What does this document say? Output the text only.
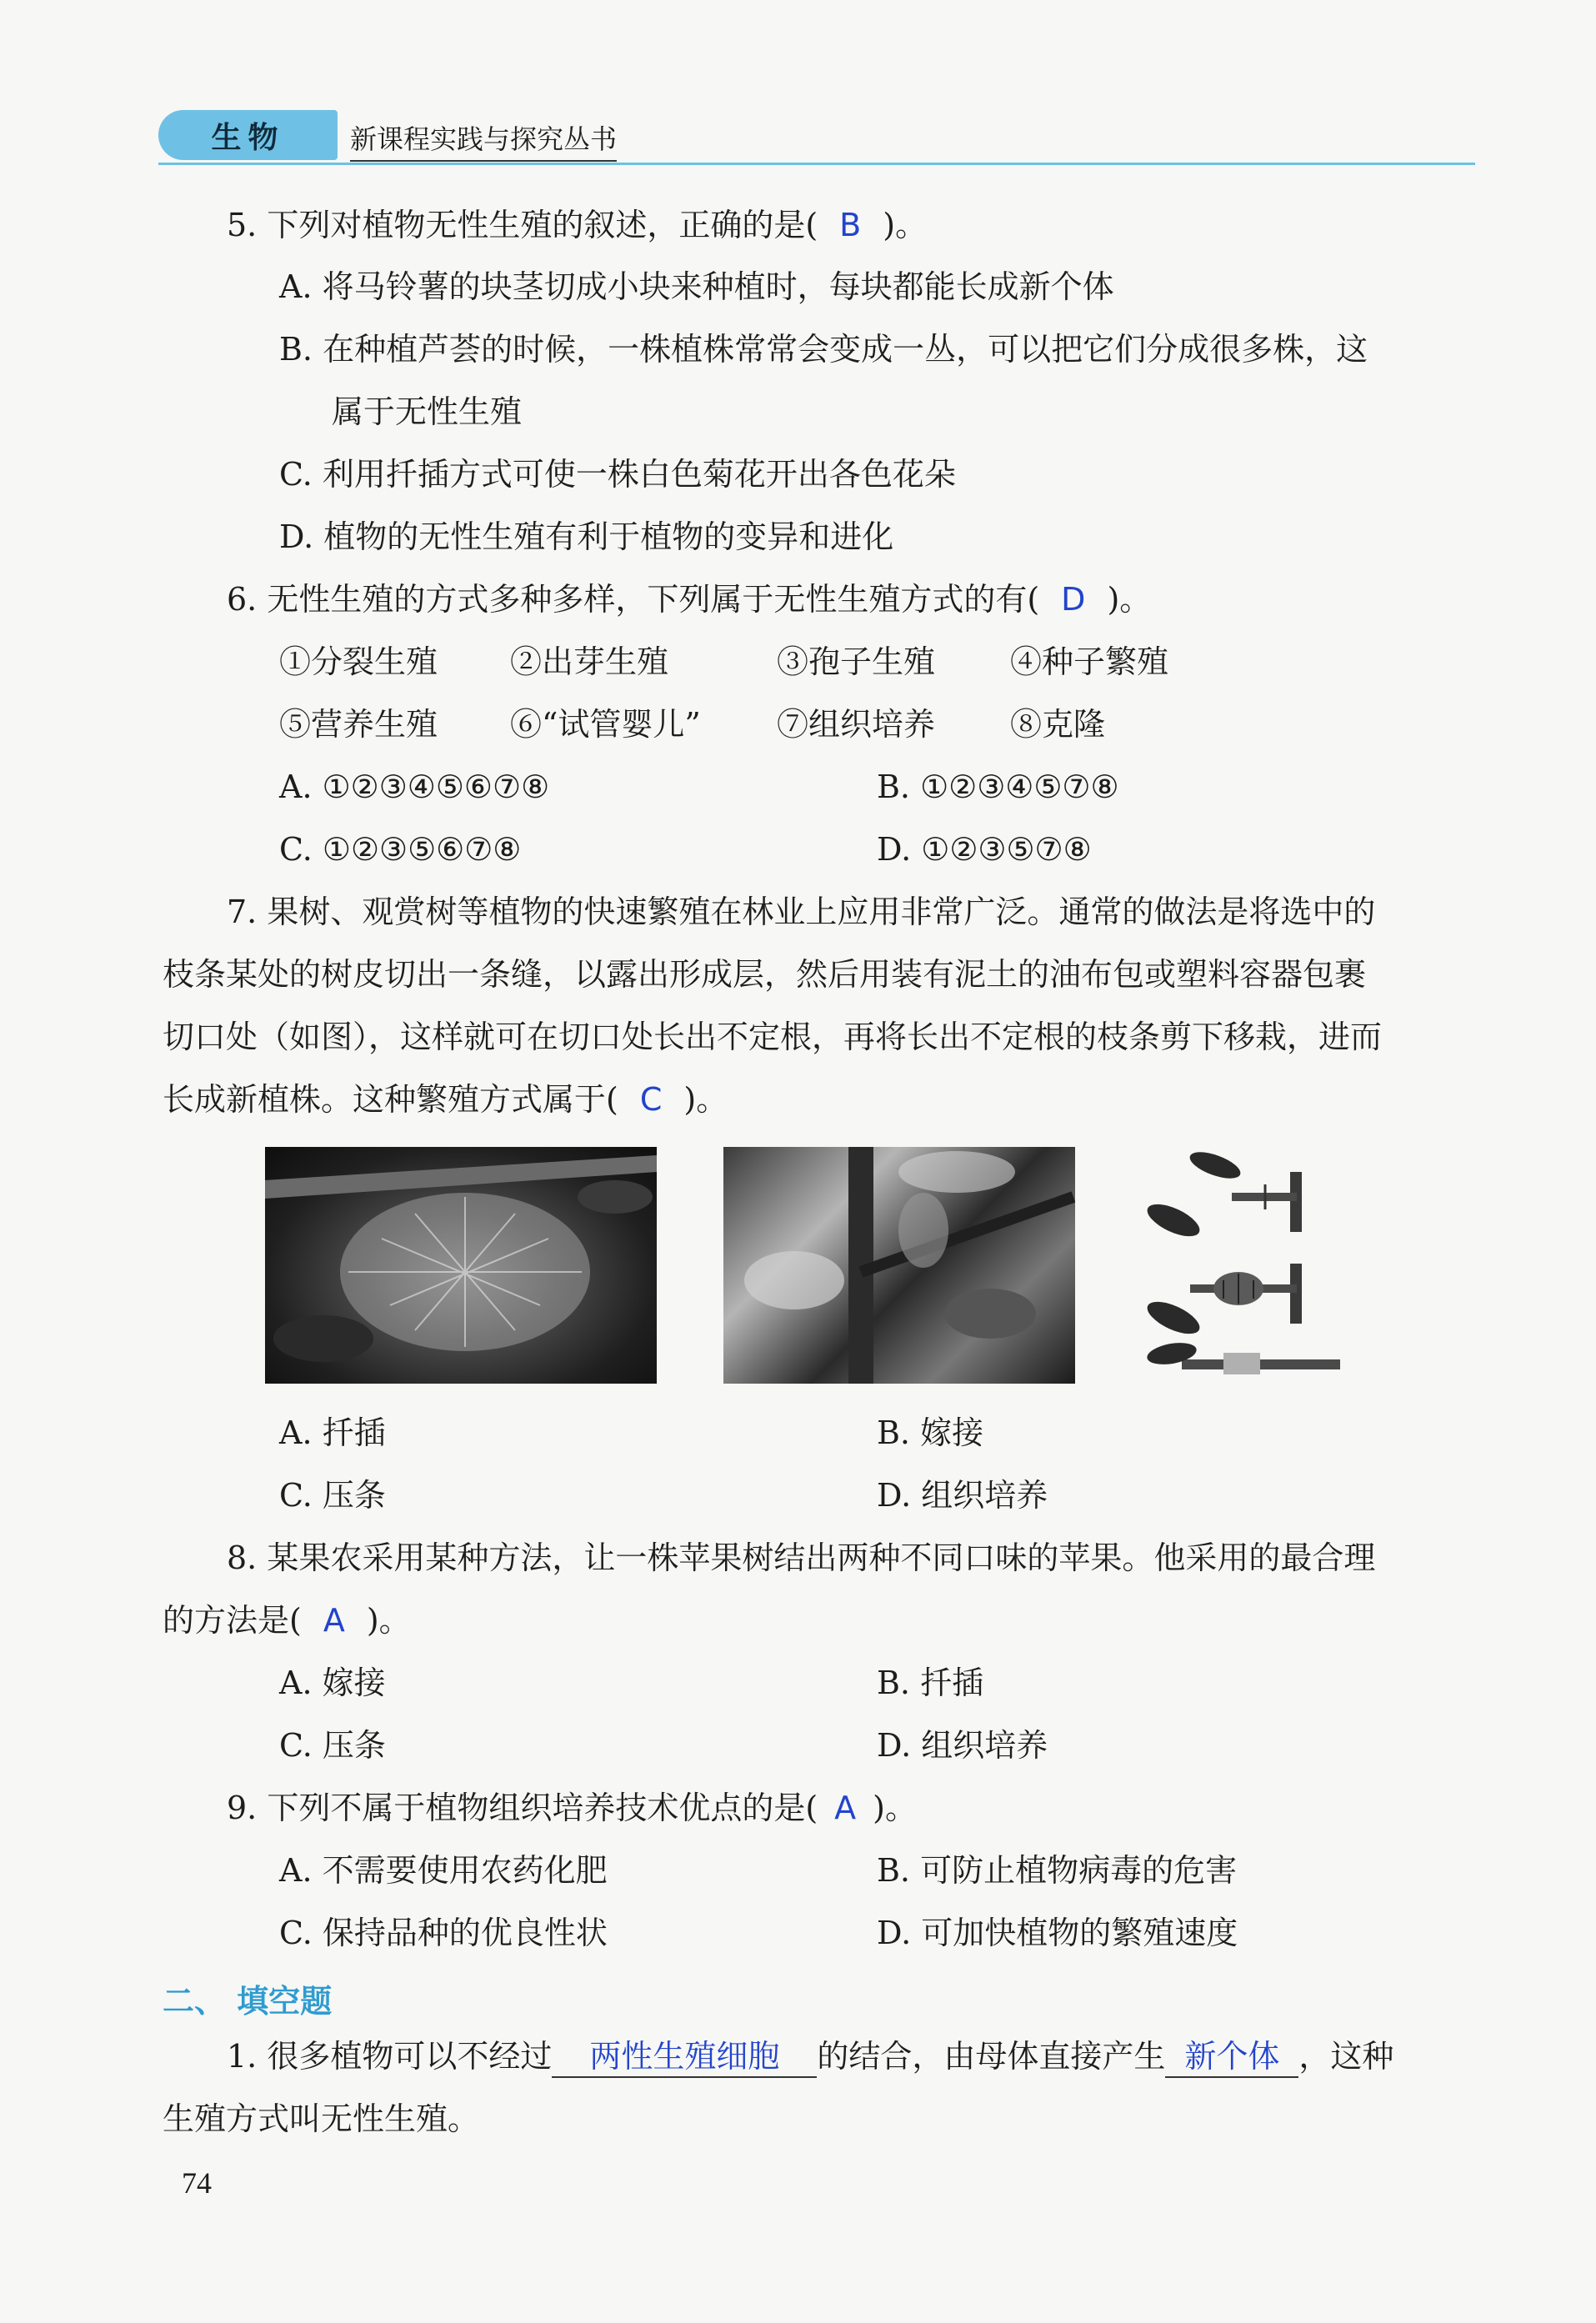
生物	新课程实践与探究丛书
5. 下列对植物无性生殖的叙述，正确的是( B )。
A. 将马铃薯的块茎切成小块来种植时，每块都能长成新个体
B. 在种植芦荟的时候，一株植株常常会变成一丛，可以把它们分成很多株，这
属于无性生殖
C. 利用扦插方式可使一株白色菊花开出各色花朵
D. 植物的无性生殖有利于植物的变异和进化
6. 无性生殖的方式多种多样，下列属于无性生殖方式的有( D )。
①分裂生殖 ②出芽生殖	③孢子生殖 ④种子繁殖
⑤营养生殖 ⑥“试管婴儿” ⑦组织培养 ⑧克隆
A. ①②③④⑤⑥⑦⑧	B. ①②③④⑤⑦⑧
C. ①②③⑤⑥⑦⑧	D. ①②③⑤⑦⑧
7. 果树、观赏树等植物的快速繁殖在林业上应用非常广泛。通常的做法是将选中的
枝条某处的树皮切出一条缝，以露出形成层，然后用装有泥土的油布包或塑料容器包裹
切口处（如图），这样就可在切口处长出不定根，再将长出不定根的枝条剪下移栽，进而
长成新植株。这种繁殖方式属于( C )。
A. 扦插	B. 嫁接
C. 压条	D. 组织培养
8. 某果农采用某种方法，让一株苹果树结出两种不同口味的苹果。他采用的最合理
的方法是( A )。
A. 嫁接	B. 扦插
C. 压条	D. 组织培养
9. 下列不属于植物组织培养技术优点的是( A )。
A. 不需要使用农药化肥	B. 可防止植物病毒的危害
C. 保持品种的优良性状	D. 可加快植物的繁殖速度
二、 填空题
1. 很多植物可以不经过 两性生殖细胞 的结合，由母体直接产生 新个体 ，这种
生殖方式叫无性生殖。
74
